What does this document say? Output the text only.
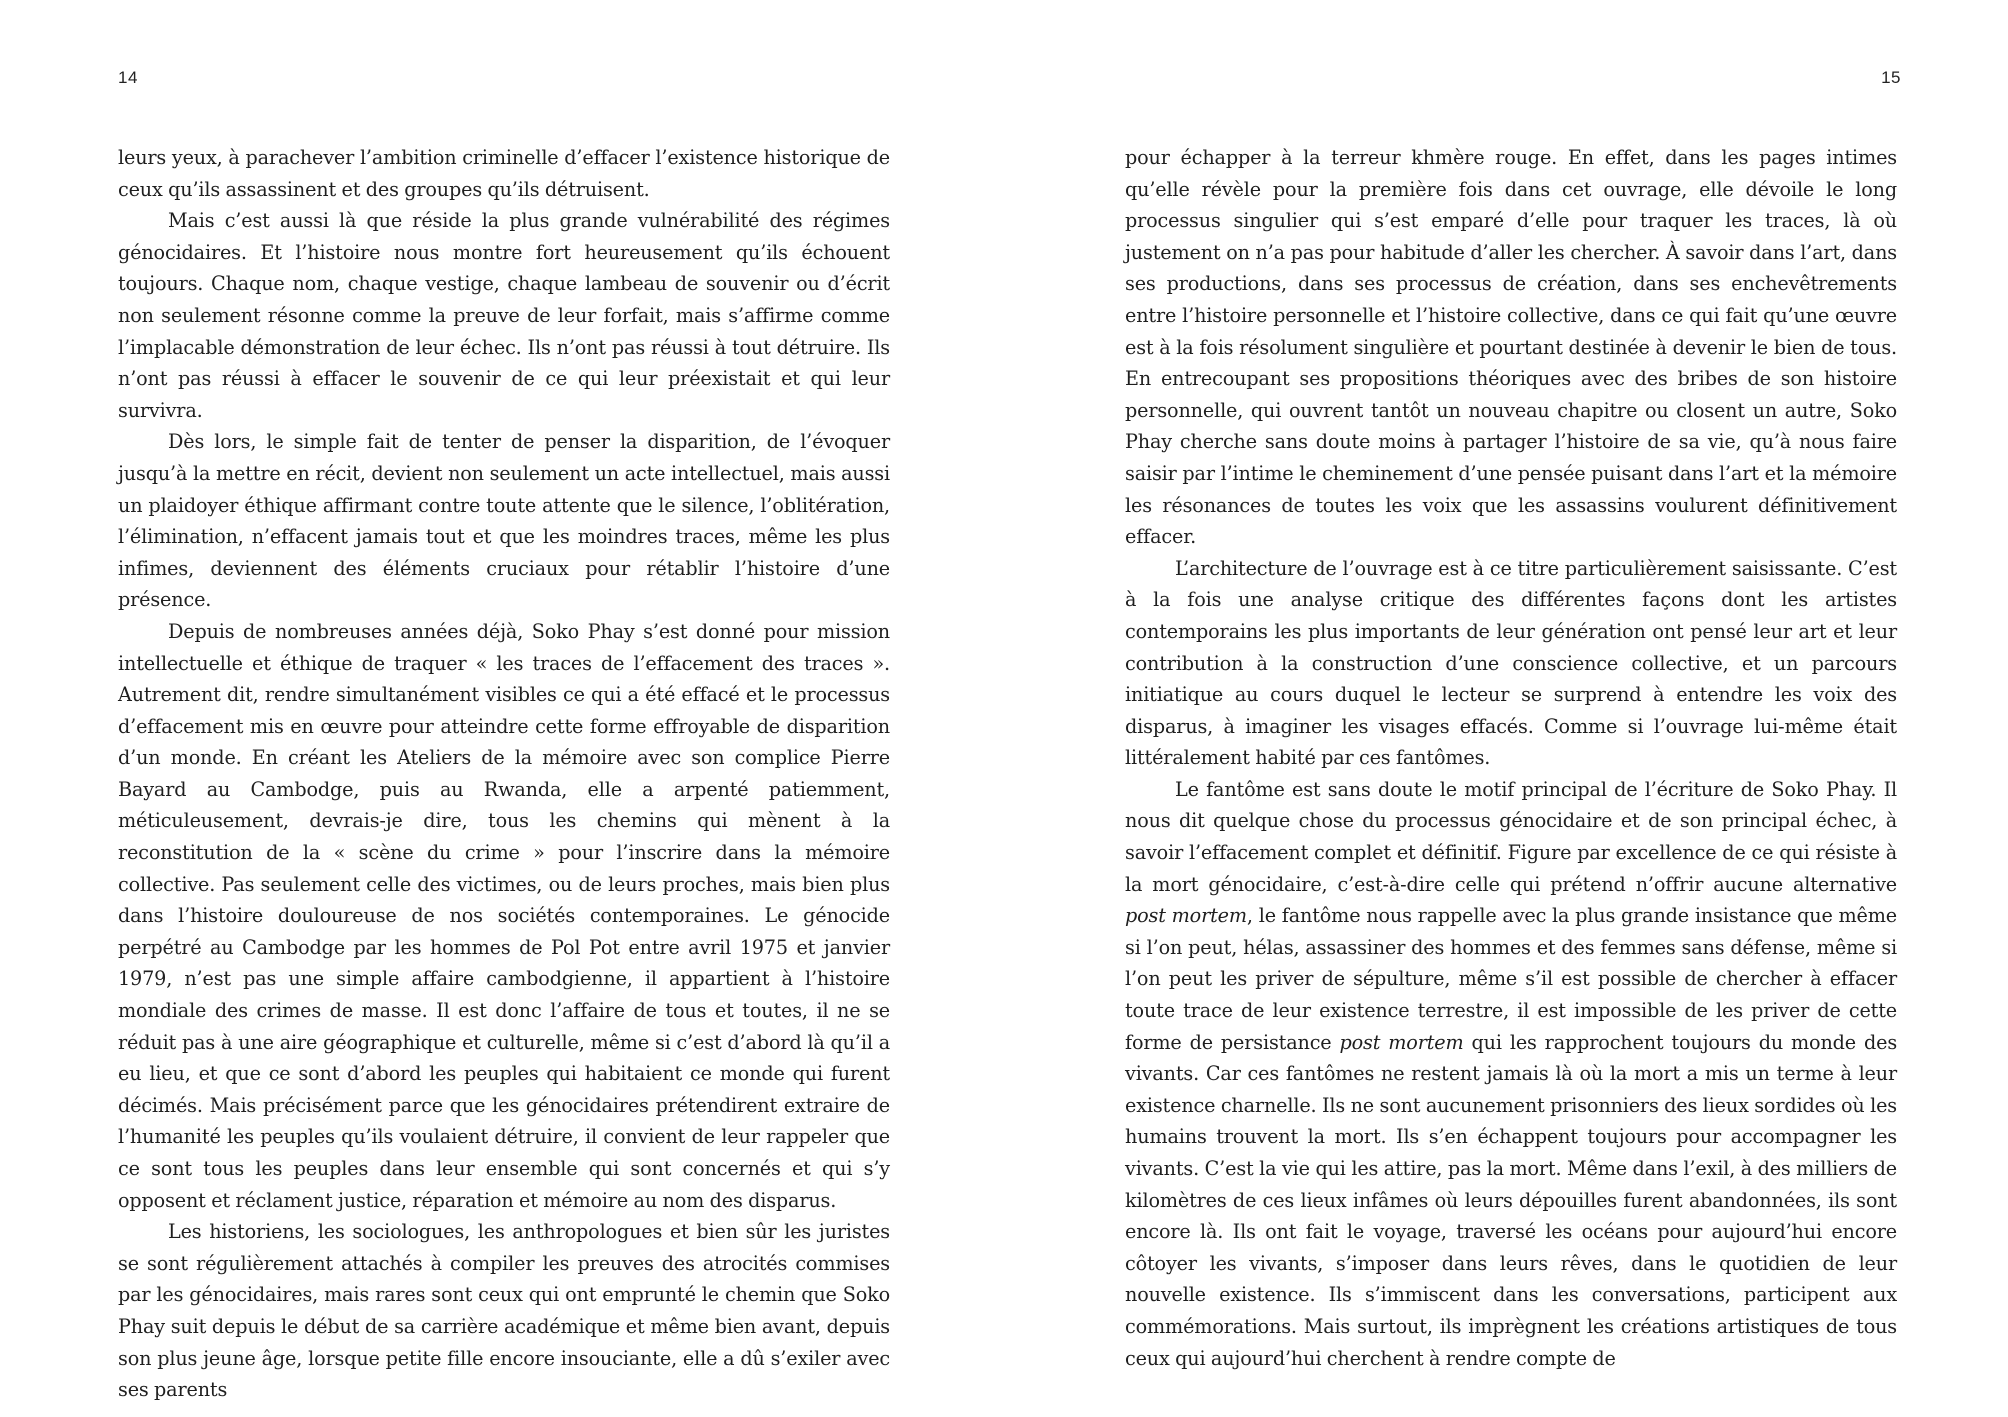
14

leurs yeux, à parachever l’ambition criminelle d’effacer l’existence historique de ceux qu’ils assassinent et des groupes qu’ils détruisent.

Mais c’est aussi là que réside la plus grande vulnérabilité des régimes génocidaires. Et l’histoire nous montre fort heureusement qu’ils échouent toujours. Chaque nom, chaque vestige, chaque lambeau de souvenir ou d’écrit non seulement résonne comme la preuve de leur forfait, mais s’affirme comme l’implacable démonstration de leur échec. Ils n’ont pas réussi à tout détruire. Ils n’ont pas réussi à effacer le souvenir de ce qui leur préexistait et qui leur survivra.

Dès lors, le simple fait de tenter de penser la disparition, de l’évoquer jusqu’à la mettre en récit, devient non seulement un acte intellectuel, mais aussi un plaidoyer éthique affirmant contre toute attente que le silence, l’oblitération, l’élimination, n’effacent jamais tout et que les moindres traces, même les plus infimes, deviennent des éléments cruciaux pour rétablir l’histoire d’une présence.

Depuis de nombreuses années déjà, Soko Phay s’est donné pour mission intellectuelle et éthique de traquer « les traces de l’effacement des traces ». Autrement dit, rendre simultanément visibles ce qui a été effacé et le processus d’effacement mis en œuvre pour atteindre cette forme effroyable de disparition d’un monde. En créant les Ateliers de la mémoire avec son complice Pierre Bayard au Cambodge, puis au Rwanda, elle a arpenté patiemment, méticuleusement, devrais-je dire, tous les chemins qui mènent à la reconstitution de la « scène du crime » pour l’inscrire dans la mémoire collective. Pas seulement celle des victimes, ou de leurs proches, mais bien plus dans l’histoire douloureuse de nos sociétés contemporaines. Le génocide perpétré au Cambodge par les hommes de Pol Pot entre avril 1975 et janvier 1979, n’est pas une simple affaire cambodgienne, il appartient à l’histoire mondiale des crimes de masse. Il est donc l’affaire de tous et toutes, il ne se réduit pas à une aire géographique et culturelle, même si c’est d’abord là qu’il a eu lieu, et que ce sont d’abord les peuples qui habitaient ce monde qui furent décimés. Mais précisément parce que les génocidaires prétendirent extraire de l’humanité les peuples qu’ils voulaient détruire, il convient de leur rappeler que ce sont tous les peuples dans leur ensemble qui sont concernés et qui s’y opposent et réclament justice, réparation et mémoire au nom des disparus.

Les historiens, les sociologues, les anthropologues et bien sûr les juristes se sont régulièrement attachés à compiler les preuves des atrocités commises par les génocidaires, mais rares sont ceux qui ont emprunté le chemin que Soko Phay suit depuis le début de sa carrière académique et même bien avant, depuis son plus jeune âge, lorsque petite fille encore insouciante, elle a dû s’exiler avec ses parents

15

pour échapper à la terreur khmère rouge. En effet, dans les pages intimes qu’elle révèle pour la première fois dans cet ouvrage, elle dévoile le long processus singulier qui s’est emparé d’elle pour traquer les traces, là où justement on n’a pas pour habitude d’aller les chercher. À savoir dans l’art, dans ses productions, dans ses processus de création, dans ses enchevêtrements entre l’histoire personnelle et l’histoire collective, dans ce qui fait qu’une œuvre est à la fois résolument singulière et pourtant destinée à devenir le bien de tous. En entrecoupant ses propositions théoriques avec des bribes de son histoire personnelle, qui ouvrent tantôt un nouveau chapitre ou closent un autre, Soko Phay cherche sans doute moins à partager l’histoire de sa vie, qu’à nous faire saisir par l’intime le cheminement d’une pensée puisant dans l’art et la mémoire les résonances de toutes les voix que les assassins voulurent définitivement effacer.

L’architecture de l’ouvrage est à ce titre particulièrement saisissante. C’est à la fois une analyse critique des différentes façons dont les artistes contemporains les plus importants de leur génération ont pensé leur art et leur contribution à la construction d’une conscience collective, et un parcours initiatique au cours duquel le lecteur se surprend à entendre les voix des disparus, à imaginer les visages effacés. Comme si l’ouvrage lui-même était littéralement habité par ces fantômes.

Le fantôme est sans doute le motif principal de l’écriture de Soko Phay. Il nous dit quelque chose du processus génocidaire et de son principal échec, à savoir l’effacement complet et définitif. Figure par excellence de ce qui résiste à la mort génocidaire, c’est-à-dire celle qui prétend n’offrir aucune alternative post mortem, le fantôme nous rappelle avec la plus grande insistance que même si l’on peut, hélas, assassiner des hommes et des femmes sans défense, même si l’on peut les priver de sépulture, même s’il est possible de chercher à effacer toute trace de leur existence terrestre, il est impossible de les priver de cette forme de persistance post mortem qui les rapprochent toujours du monde des vivants. Car ces fantômes ne restent jamais là où la mort a mis un terme à leur existence charnelle. Ils ne sont aucunement prisonniers des lieux sordides où les humains trouvent la mort. Ils s’en échappent toujours pour accompagner les vivants. C’est la vie qui les attire, pas la mort. Même dans l’exil, à des milliers de kilomètres de ces lieux infâmes où leurs dépouilles furent abandonnées, ils sont encore là. Ils ont fait le voyage, traversé les océans pour aujourd’hui encore côtoyer les vivants, s’imposer dans leurs rêves, dans le quotidien de leur nouvelle existence. Ils s’immiscent dans les conversations, participent aux commémorations. Mais surtout, ils imprègnent les créations artistiques de tous ceux qui aujourd’hui cherchent à rendre compte de
